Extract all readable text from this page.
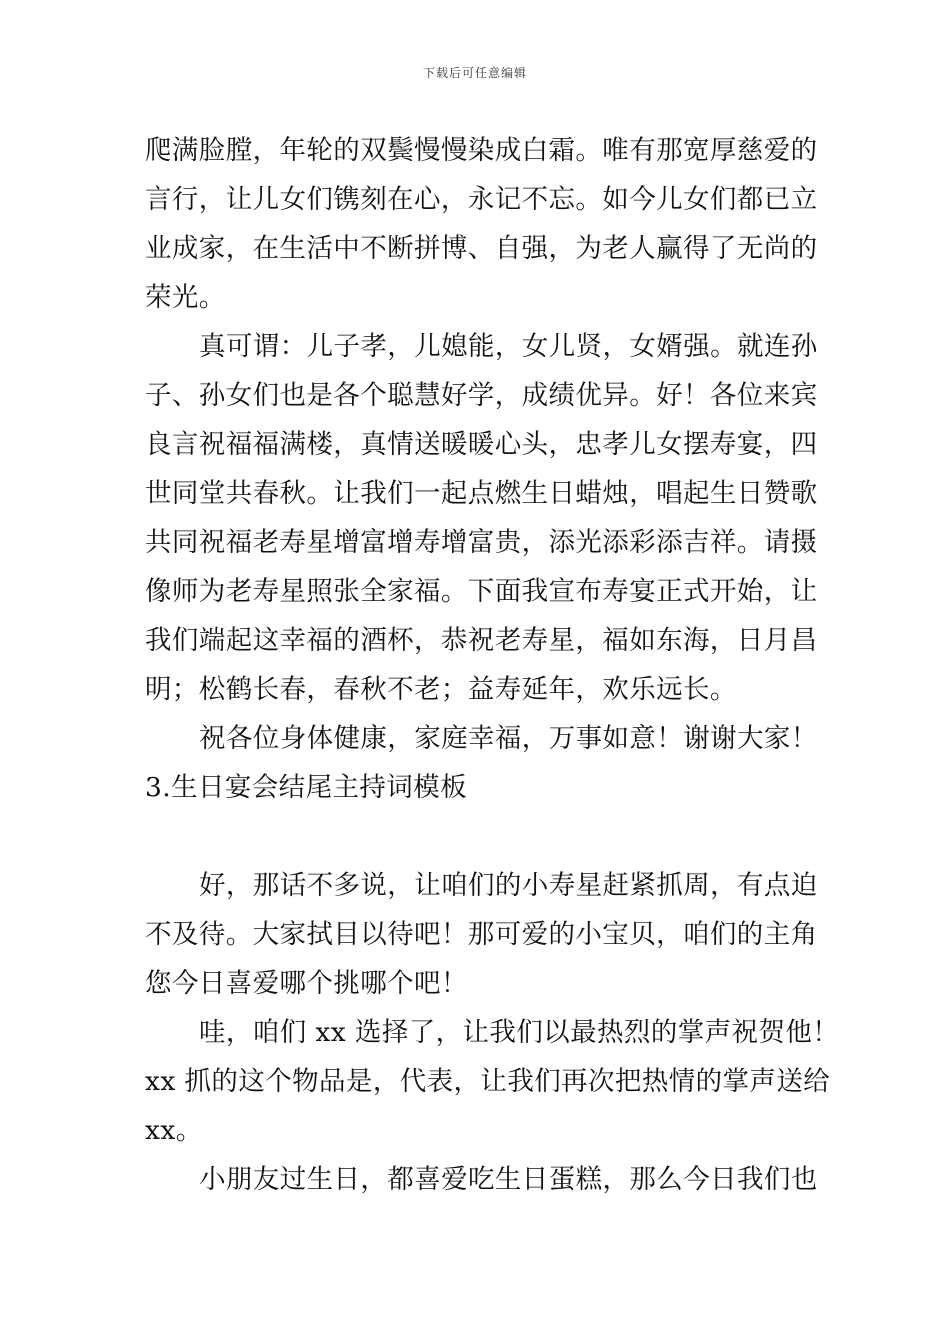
下载后可任意编辑

爬满脸膛，年轮的双鬓慢慢染成白霜。唯有那宽厚慈爱的

言行，让儿女们镌刻在心，永记不忘。如今儿女们都已立

业成家，在生活中不断拼博、自强，为老人赢得了无尚的

荣光。

真可谓：儿子孝，儿媳能，女儿贤，女婿强。就连孙

子、孙女们也是各个聪慧好学，成绩优异。好！各位来宾

良言祝福福满楼，真情送暖暖心头，忠孝儿女摆寿宴，四

世同堂共春秋。让我们一起点燃生日蜡烛，唱起生日赞歌

共同祝福老寿星增富增寿增富贵，添光添彩添吉祥。请摄

像师为老寿星照张全家福。下面我宣布寿宴正式开始，让

我们端起这幸福的酒杯，恭祝老寿星，福如东海，日月昌

明；松鹤长春，春秋不老；益寿延年，欢乐远长。

祝各位身体健康，家庭幸福，万事如意！谢谢大家！

3.生日宴会结尾主持词模板

好，那话不多说，让咱们的小寿星赶紧抓周，有点迫

不及待。大家拭目以待吧！那可爱的小宝贝，咱们的主角

您今日喜爱哪个挑哪个吧！

哇，咱们 xx 选择了，让我们以最热烈的掌声祝贺他！

xx 抓的这个物品是，代表，让我们再次把热情的掌声送给

xx。

小朋友过生日，都喜爱吃生日蛋糕，那么今日我们也
